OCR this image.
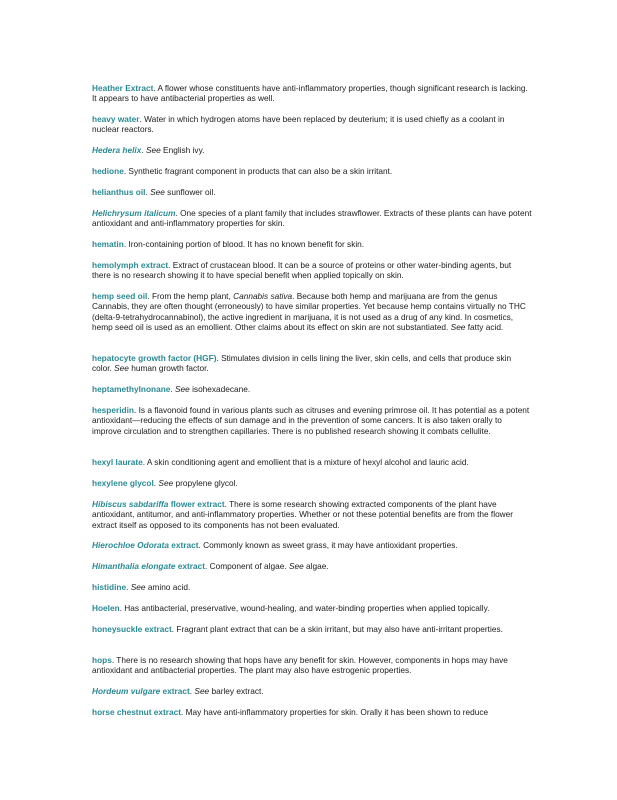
Heather Extract. A flower whose constituents have anti-inflammatory properties, though significant research is lacking. It appears to have antibacterial properties as well.

heavy water. Water in which hydrogen atoms have been replaced by deuterium; it is used chiefly as a coolant in nuclear reactors.

Hedera helix. See English ivy.

hedione. Synthetic fragrant component in products that can also be a skin irritant.

helianthus oil. See sunflower oil.

Helichrysum italicum. One species of a plant family that includes strawflower. Extracts of these plants can have potent antioxidant and anti-inflammatory properties for skin.

hematin. Iron-containing portion of blood. It has no known benefit for skin.

hemolymph extract. Extract of crustacean blood. It can be a source of proteins or other water-binding agents, but there is no research showing it to have special benefit when applied topically on skin.

hemp seed oil. From the hemp plant, Cannabis sativa. Because both hemp and marijuana are from the genus Cannabis, they are often thought (erroneously) to have similar properties. Yet because hemp contains virtually no THC (delta-9-tetrahydrocannabinol), the active ingredient in marijuana, it is not used as a drug of any kind. In cosmetics, hemp seed oil is used as an emollient. Other claims about its effect on skin are not substantiated. See fatty acid.

hepatocyte growth factor (HGF). Stimulates division in cells lining the liver, skin cells, and cells that produce skin color. See human growth factor.

heptamethylnonane. See isohexadecane.

hesperidin. Is a flavonoid found in various plants such as citruses and evening primrose oil. It has potential as a potent antioxidant—reducing the effects of sun damage and in the prevention of some cancers. It is also taken orally to improve circulation and to strengthen capillaries. There is no published research showing it combats cellulite.

hexyl laurate. A skin conditioning agent and emollient that is a mixture of hexyl alcohol and lauric acid.

hexylene glycol. See propylene glycol.

Hibiscus sabdariffa flower extract. There is some research showing extracted components of the plant have antioxidant, antitumor, and anti-inflammatory properties. Whether or not these potential benefits are from the flower extract itself as opposed to its components has not been evaluated.

Hierochloe Odorata extract. Commonly known as sweet grass, it may have antioxidant properties.

Himanthalia elongate extract. Component of algae. See algae.

histidine. See amino acid.

Hoelen. Has antibacterial, preservative, wound-healing, and water-binding properties when applied topically.

honeysuckle extract. Fragrant plant extract that can be a skin irritant, but may also have anti-irritant properties.

hops. There is no research showing that hops have any benefit for skin. However, components in hops may have antioxidant and antibacterial properties. The plant may also have estrogenic properties.

Hordeum vulgare extract. See barley extract.

horse chestnut extract. May have anti-inflammatory properties for skin. Orally it has been shown to reduce
